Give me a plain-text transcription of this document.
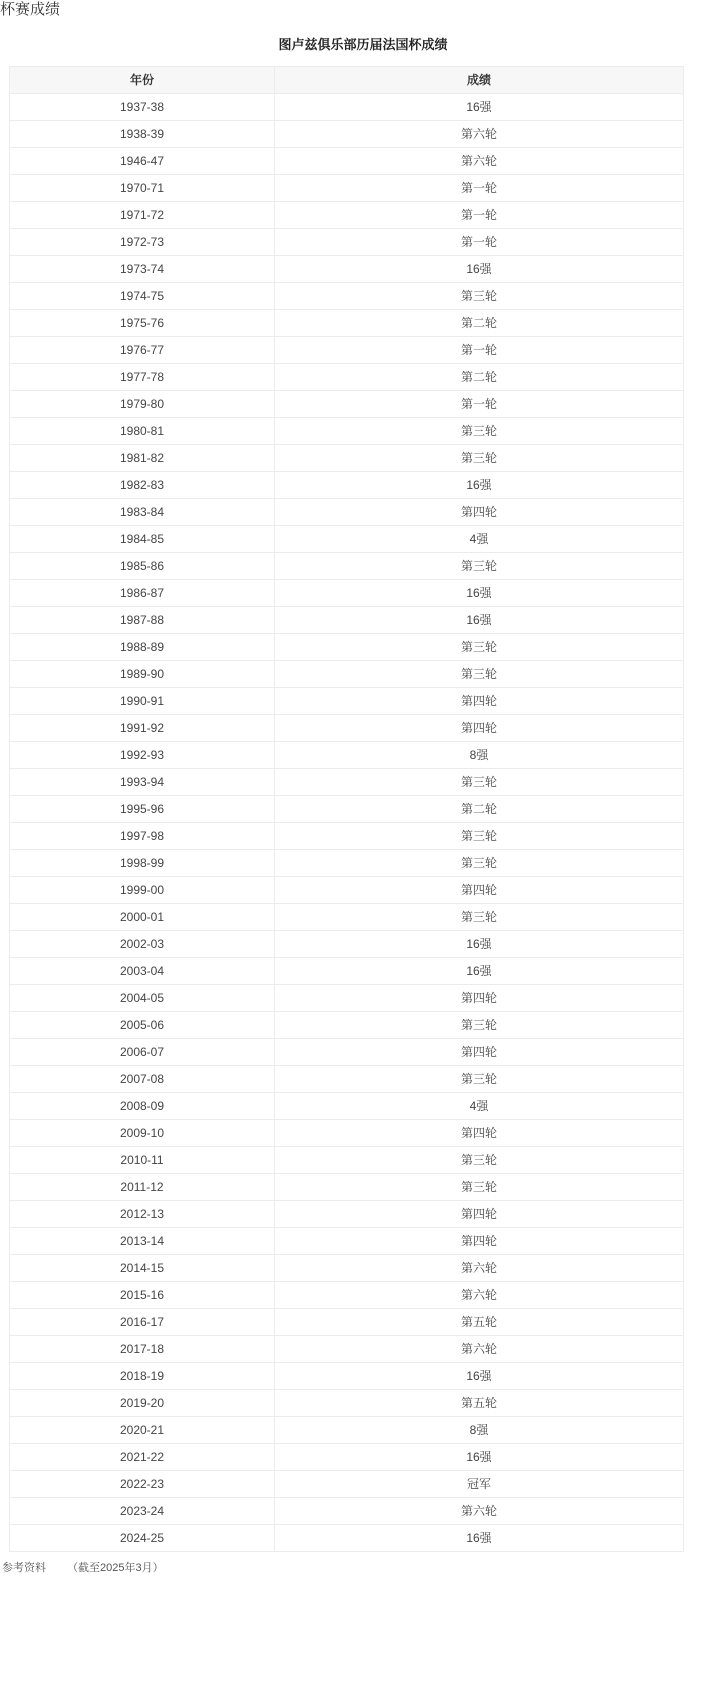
杯赛成绩
图卢兹俱乐部历届法国杯成绩
年份	成绩
1937-38	16强
1938-39	第六轮
1946-47	第六轮
1970-71	第一轮
1971-72	第一轮
1972-73	第一轮
1973-74	16强
1974-75	第三轮
1975-76	第二轮
1976-77	第一轮
1977-78	第二轮
1979-80	第一轮
1980-81	第三轮
1981-82	第三轮
1982-83	16强
1983-84	第四轮
1984-85	4强
1985-86	第三轮
1986-87	16强
1987-88	16强
1988-89	第三轮
1989-90	第三轮
1990-91	第四轮
1991-92	第四轮
1992-93	8强
1993-94	第三轮
1995-96	第二轮
1997-98	第三轮
1998-99	第三轮
1999-00	第四轮
2000-01	第三轮
2002-03	16强
2003-04	16强
2004-05	第四轮
2005-06	第三轮
2006-07	第四轮
2007-08	第三轮
2008-09	4强
2009-10	第四轮
2010-11	第三轮
2011-12	第三轮
2012-13	第四轮
2013-14	第四轮
2014-15	第六轮
2015-16	第六轮
2016-17	第五轮
2017-18	第六轮
2018-19	16强
2019-20	第五轮
2020-21	8强
2021-22	16强
2022-23	冠军
2023-24	第六轮
2024-25	16强
参考资料 （截至2025年3月）
